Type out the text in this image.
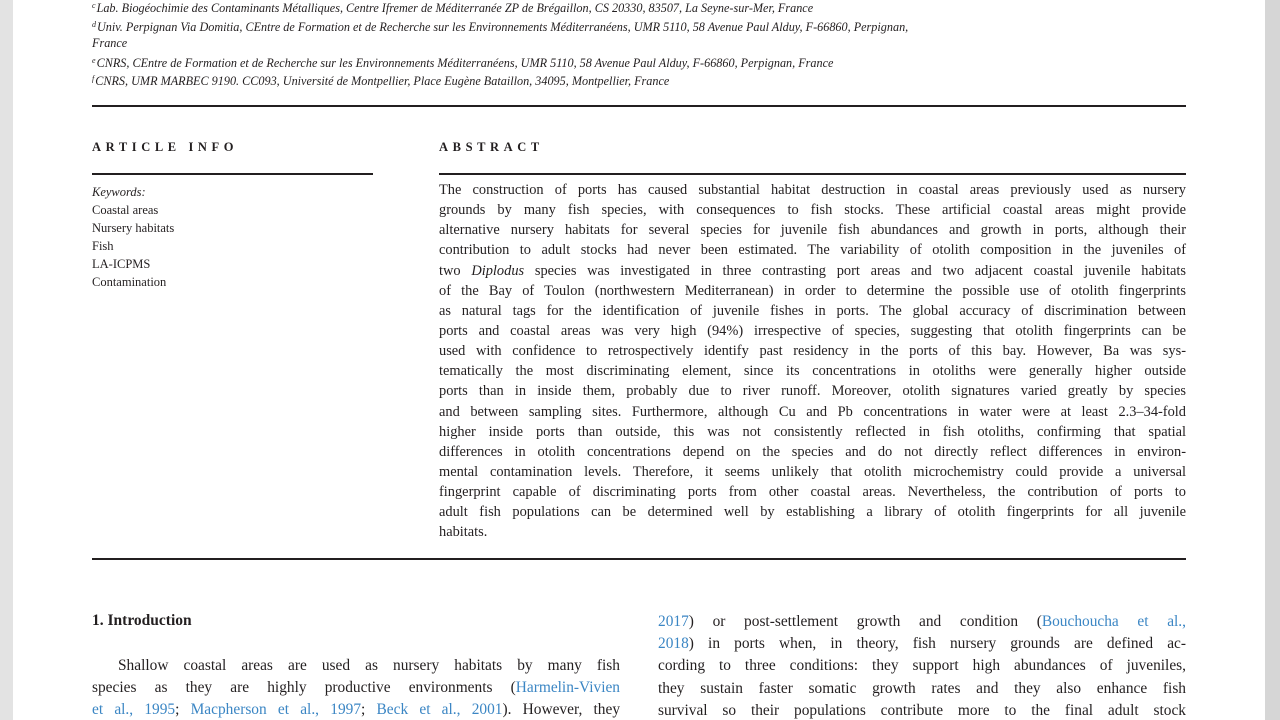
$^c$Lab. Biogéochimie des Contaminants Métalliques, Centre Ifremer de Méditerranée ZP de Brégaillon, CS 20330, 83507, La Seyne-sur-Mer, France
$^d$Univ. Perpignan Via Domitia, CEntre de Formation et de Recherche sur les Environnements Méditerranéens, UMR 5110, 58 Avenue Paul Alduy, F-66860, Perpignan,
France
$^e$CNRS, CEntre de Formation et de Recherche sur les Environnements Méditerranéens, UMR 5110, 58 Avenue Paul Alduy, F-66860, Perpignan, France
$^f$CNRS, UMR MARBEC 9190. CC093, Université de Montpellier, Place Eugène Bataillon, 34095, Montpellier, France
ARTICLE INFO
Keywords:
Coastal areas
Nursery habitats
Fish
LA-ICPMS
Contamination
ABSTRACT
The construction of ports has caused substantial habitat destruction in coastal areas previously used as nursery
grounds by many fish species, with consequences to fish stocks. These artificial coastal areas might provide
alternative nursery habitats for several species for juvenile fish abundances and growth in ports, although their
contribution to adult stocks had never been estimated. The variability of otolith composition in the juveniles of
two Diplodus species was investigated in three contrasting port areas and two adjacent coastal juvenile habitats
of the Bay of Toulon (northwestern Mediterranean) in order to determine the possible use of otolith fingerprints
as natural tags for the identification of juvenile fishes in ports. The global accuracy of discrimination between
ports and coastal areas was very high (94%) irrespective of species, suggesting that otolith fingerprints can be
used with confidence to retrospectively identify past residency in the ports of this bay. However, Ba was sys-
tematically the most discriminating element, since its concentrations in otoliths were generally higher outside
ports than in inside them, probably due to river runoff. Moreover, otolith signatures varied greatly by species
and between sampling sites. Furthermore, although Cu and Pb concentrations in water were at least 2.3–34-fold
higher inside ports than outside, this was not consistently reflected in fish otoliths, confirming that spatial
differences in otolith concentrations depend on the species and do not directly reflect differences in environ-
mental contamination levels. Therefore, it seems unlikely that otolith microchemistry could provide a universal
fingerprint capable of discriminating ports from other coastal areas. Nevertheless, the contribution of ports to
adult fish populations can be determined well by establishing a library of otolith fingerprints for all juvenile
habitats.
1. Introduction
Shallow coastal areas are used as nursery habitats by many fish
species as they are highly productive environments (Harmelin-Vivien
et al., 1995; Macpherson et al., 1997; Beck et al., 2001). However, they
2017) or post-settlement growth and condition (Bouchoucha et al.,
2018) in ports when, in theory, fish nursery grounds are defined ac-
cording to three conditions: they support high abundances of juveniles,
they sustain faster somatic growth rates and they also enhance fish
survival so their populations contribute more to the final adult stock
